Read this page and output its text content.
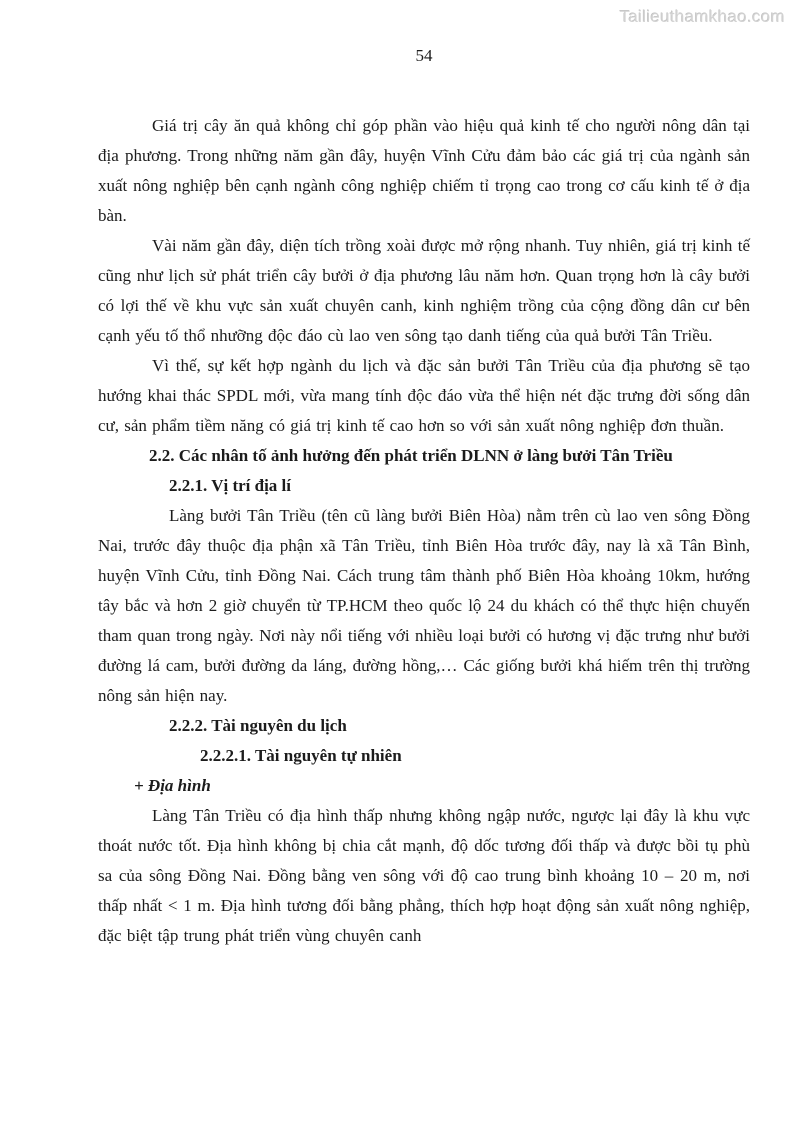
Tailieuthamkhao.com
54

Giá trị cây ăn quả không chỉ góp phần vào hiệu quả kinh tế cho người nông dân tại địa phương. Trong những năm gần đây, huyện Vĩnh Cửu đảm bảo các giá trị của ngành sản xuất nông nghiệp bên cạnh ngành công nghiệp chiếm tỉ trọng cao trong cơ cấu kinh tế ở địa bàn.

Vài năm gần đây, diện tích trồng xoài được mở rộng nhanh. Tuy nhiên, giá trị kinh tế cũng như lịch sử phát triển cây bưởi ở địa phương lâu năm hơn. Quan trọng hơn là cây bưởi có lợi thế về khu vực sản xuất chuyên canh, kinh nghiệm trồng của cộng đồng dân cư bên cạnh yếu tố thổ nhưỡng độc đáo cù lao ven sông tạo danh tiếng của quả bưởi Tân Triều.

Vì thế, sự kết hợp ngành du lịch và đặc sản bưởi Tân Triều của địa phương sẽ tạo hướng khai thác SPDL mới, vừa mang tính độc đáo vừa thể hiện nét đặc trưng đời sống dân cư, sản phẩm tiềm năng có giá trị kinh tế cao hơn so với sản xuất nông nghiệp đơn thuần.

2.2. Các nhân tố ảnh hưởng đến phát triển DLNN ở làng bưởi Tân Triều
2.2.1. Vị trí địa lí

Làng bưởi Tân Triều (tên cũ làng bưởi Biên Hòa) nằm trên cù lao ven sông Đồng Nai, trước đây thuộc địa phận xã Tân Triều, tỉnh Biên Hòa trước đây, nay là xã Tân Bình, huyện Vĩnh Cửu, tỉnh Đồng Nai. Cách trung tâm thành phố Biên Hòa khoảng 10km, hướng tây bắc và hơn 2 giờ chuyển từ TP.HCM theo quốc lộ 24 du khách có thể thực hiện chuyến tham quan trong ngày. Nơi này nổi tiếng với nhiều loại bưởi có hương vị đặc trưng như bưởi đường lá cam, bưởi đường da láng, đường hồng,… Các giống bưởi khá hiếm trên thị trường nông sản hiện nay.

2.2.2. Tài nguyên du lịch
2.2.2.1. Tài nguyên tự nhiên
+ Địa hình

Làng Tân Triều có địa hình thấp nhưng không ngập nước, ngược lại đây là khu vực thoát nước tốt. Địa hình không bị chia cắt mạnh, độ dốc tương đối thấp và được bồi tụ phù sa của sông Đồng Nai. Đồng bằng ven sông với độ cao trung bình khoảng 10 – 20 m, nơi thấp nhất < 1 m. Địa hình tương đối bằng phẳng, thích hợp hoạt động sản xuất nông nghiệp, đặc biệt tập trung phát triển vùng chuyên canh
